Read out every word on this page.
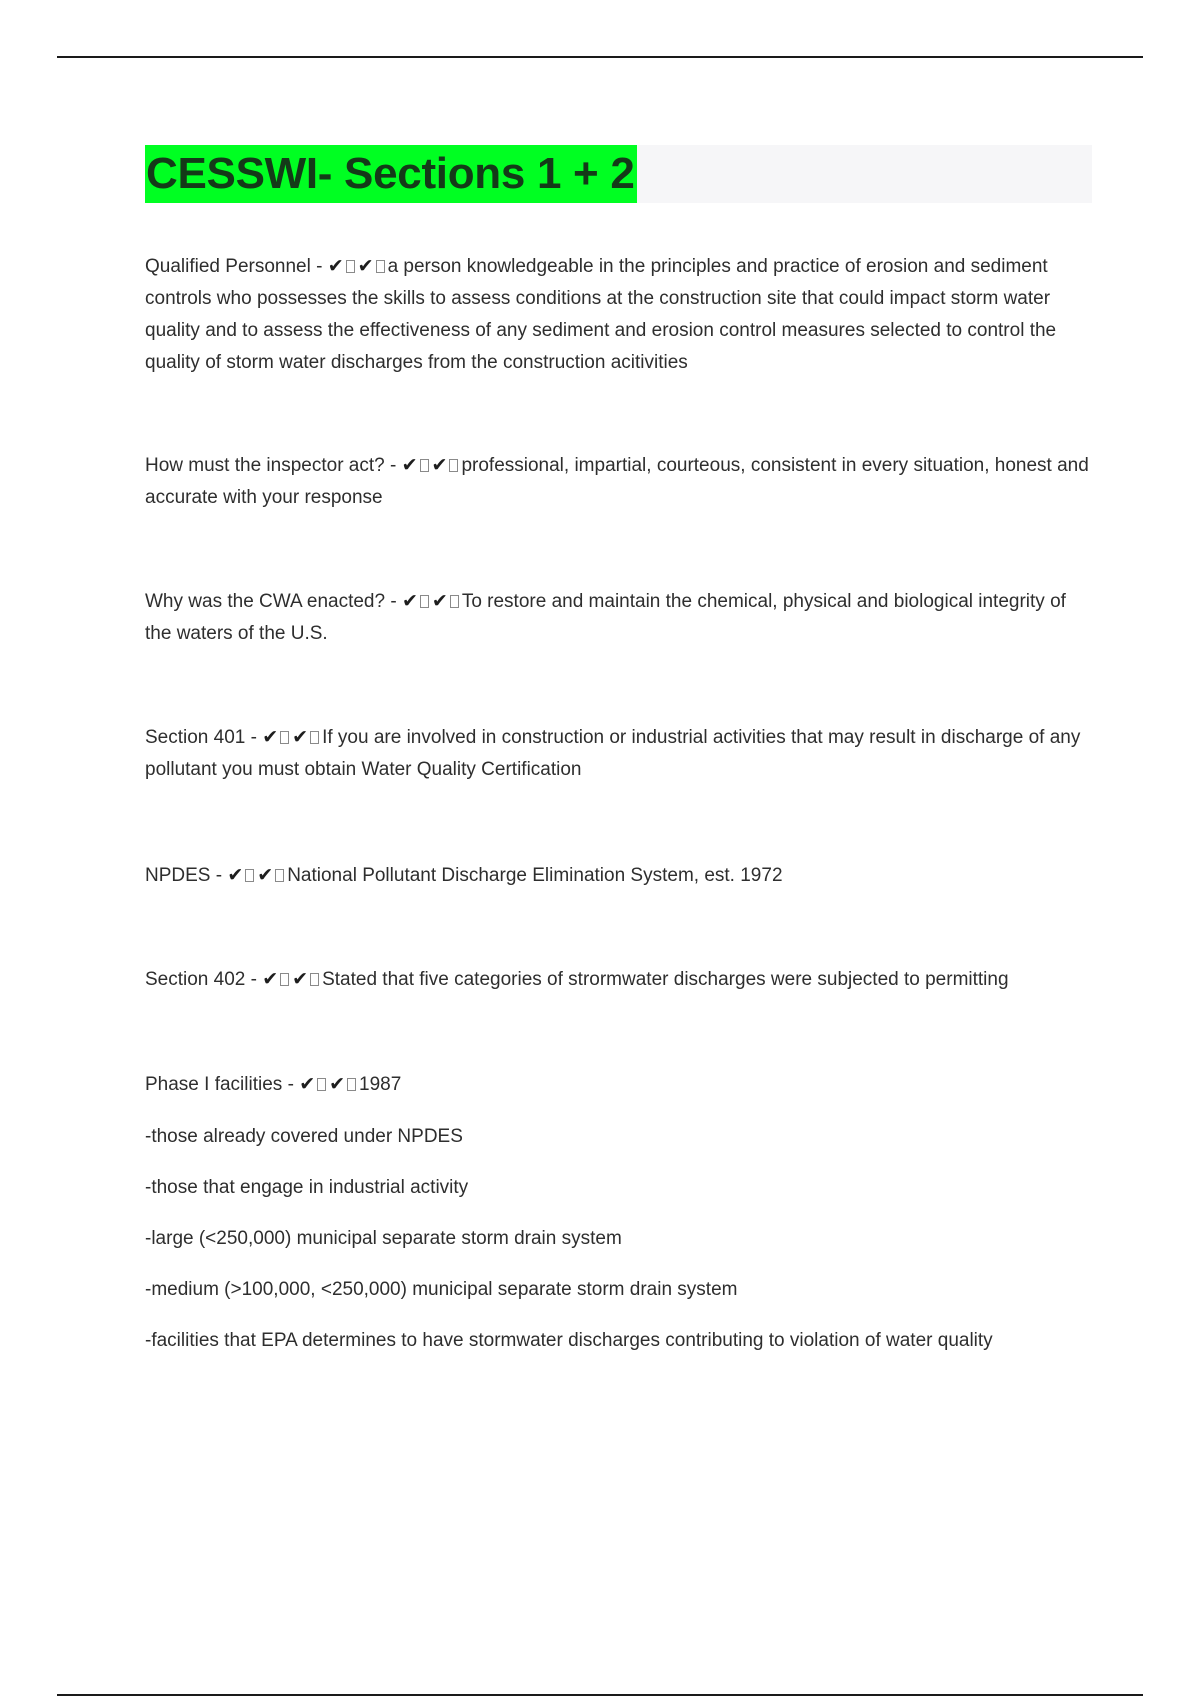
CESSWI- Sections 1 + 2

Qualified Personnel - ✔ ✔ a person knowledgeable in the principles and practice of erosion and sediment controls who possesses the skills to assess conditions at the construction site that could impact storm water quality and to assess the effectiveness of any sediment and erosion control measures selected to control the quality of storm water discharges from the construction acitivities

How must the inspector act? - ✔ ✔ professional, impartial, courteous, consistent in every situation, honest and accurate with your response

Why was the CWA enacted? - ✔ ✔ To restore and maintain the chemical, physical and biological integrity of the waters of the U.S.

Section 401 - ✔ ✔ If you are involved in construction or industrial activities that may result in discharge of any pollutant you must obtain Water Quality Certification

NPDES - ✔ ✔ National Pollutant Discharge Elimination System, est. 1972

Section 402 - ✔ ✔ Stated that five categories of strormwater discharges were subjected to permitting

Phase I facilities - ✔ ✔ 1987

-those already covered under NPDES

-those that engage in industrial activity

-large (<250,000) municipal separate storm drain system

-medium (>100,000, <250,000) municipal separate storm drain system

-facilities that EPA determines to have stormwater discharges contributing to violation of water quality
